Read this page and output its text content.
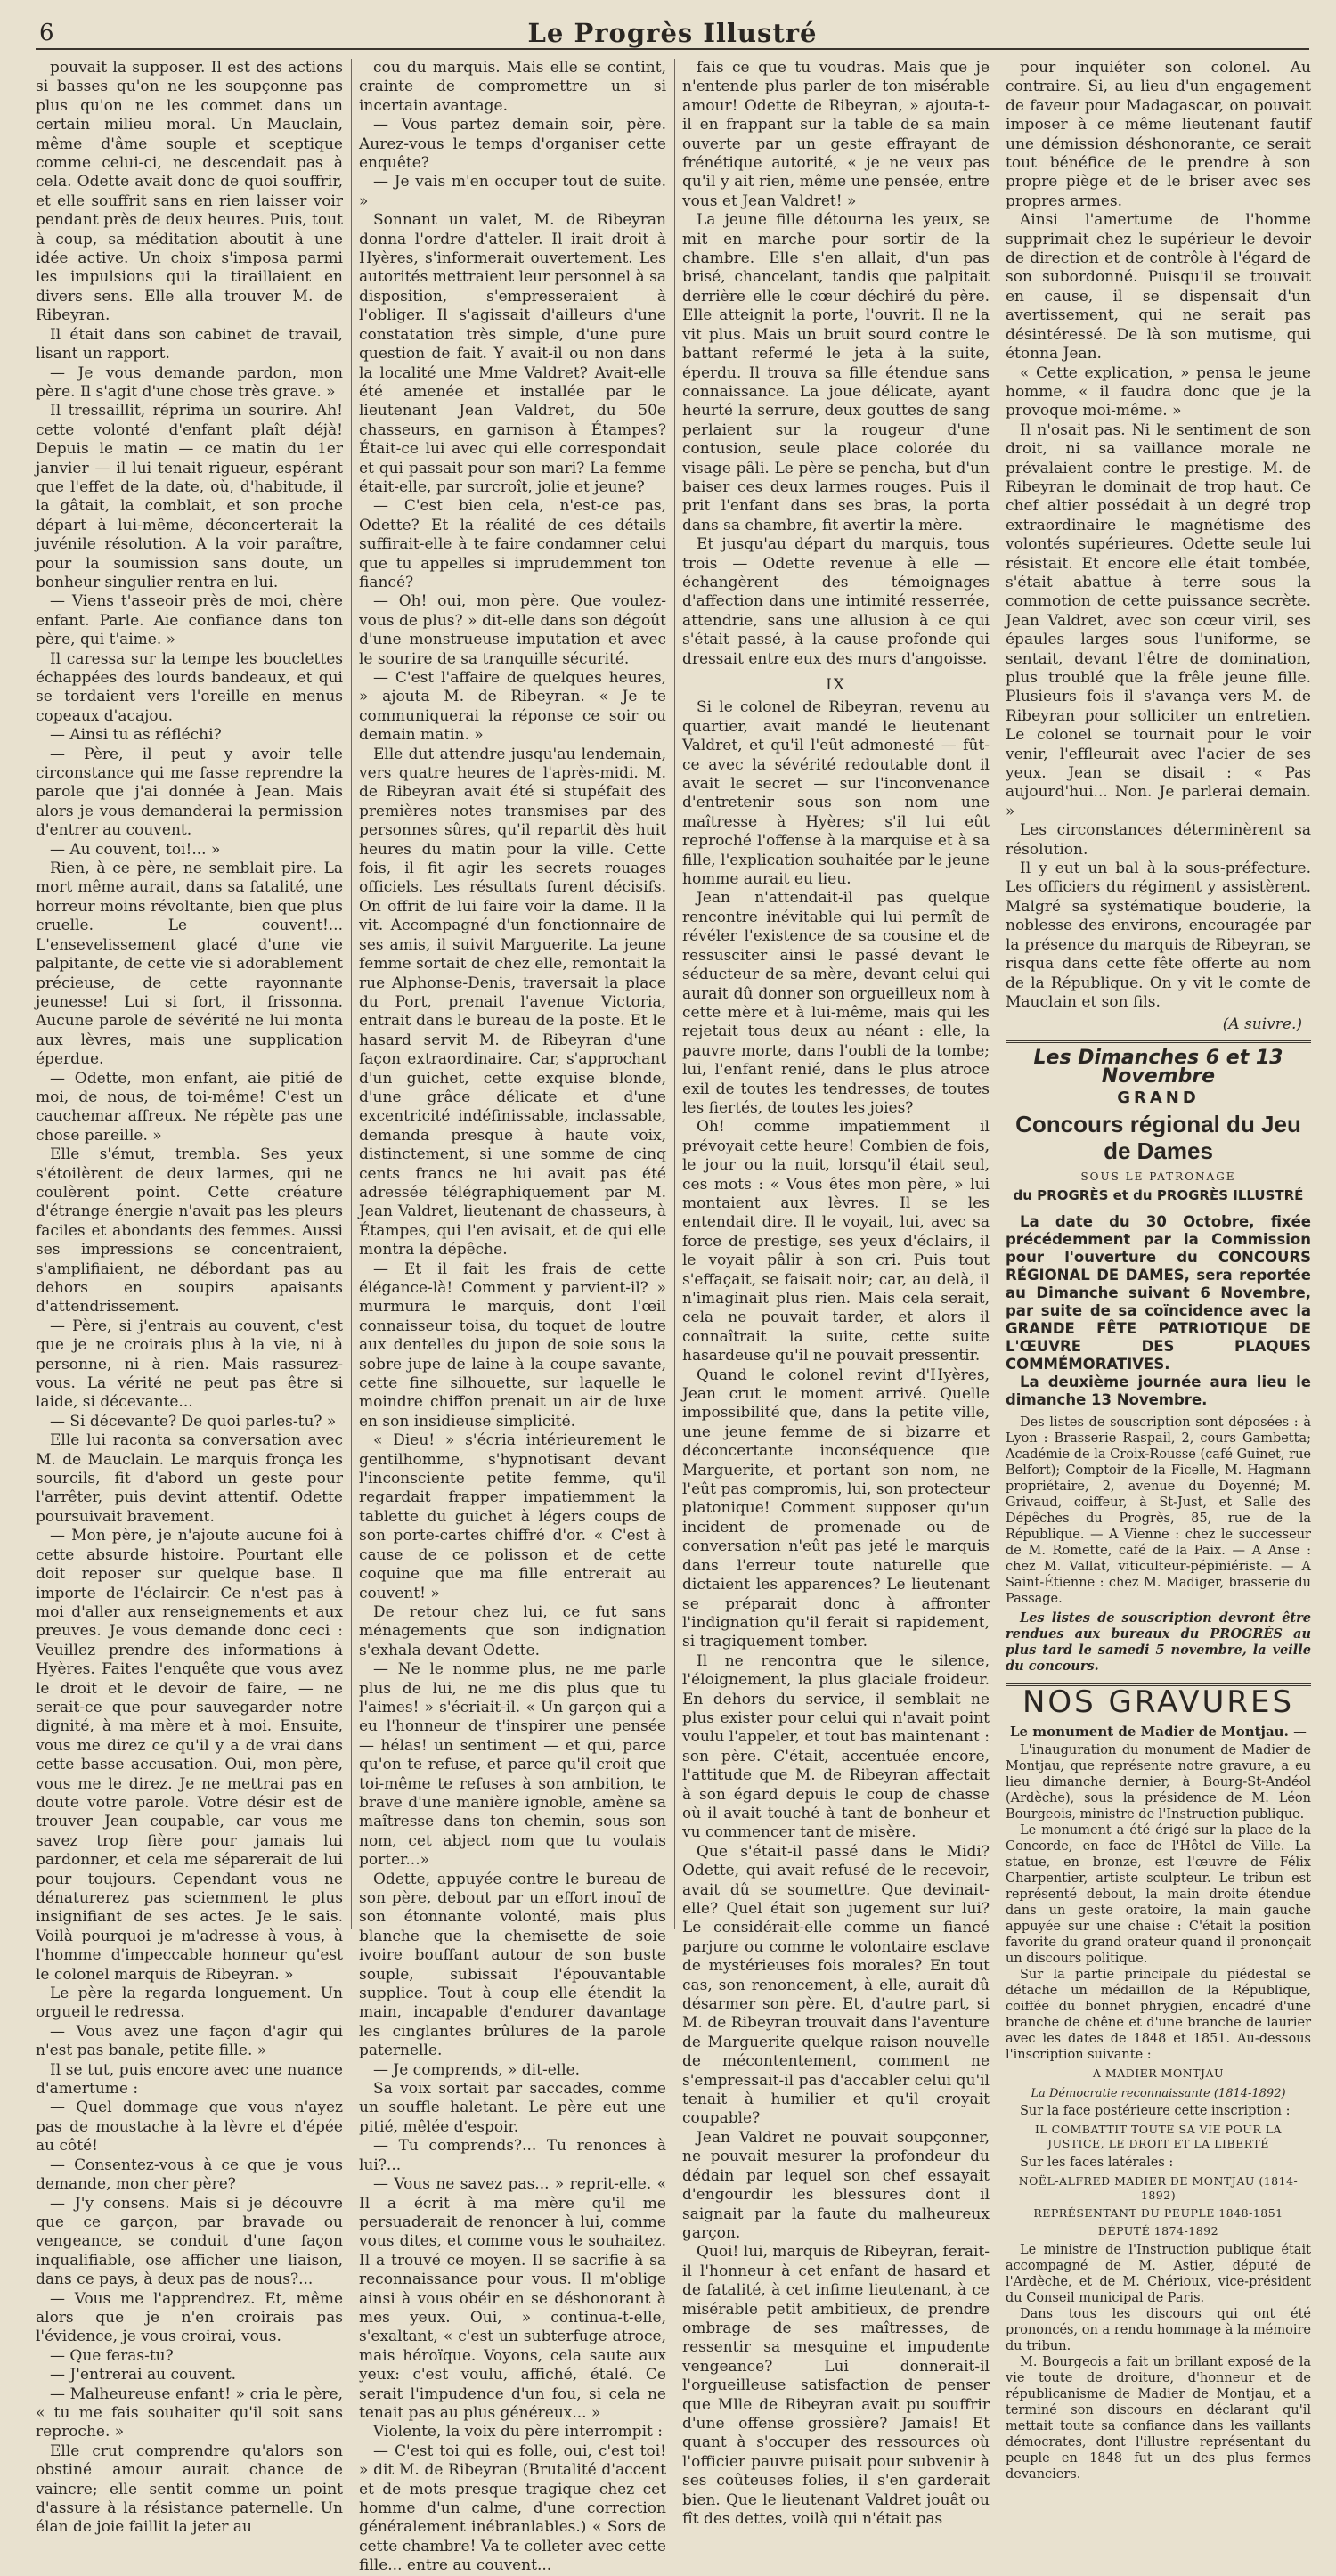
6	Le Progrès Illustré

pouvait la supposer. Il est des actions si basses qu'on ne les soupçonne pas plus qu'on ne les commet dans un certain milieu moral. Un Mauclain, même d'âme souple et sceptique comme celui-ci, ne descendait pas à cela. Odette avait donc de quoi souffrir, et elle souffrit sans en rien laisser voir pendant près de deux heures. Puis, tout à coup, sa méditation aboutit à une idée active. Un choix s'imposa parmi les impulsions qui la tiraillaient en divers sens. Elle alla trouver M. de Ribeyran.

Il était dans son cabinet de travail, lisant un rapport.

— Je vous demande pardon, mon père. Il s'agit d'une chose très grave. »

Il tressaillit, réprima un sourire. Ah! cette volonté d'enfant plaît déjà! Depuis le matin — ce matin du 1er janvier — il lui tenait rigueur, espérant que l'effet de la date, où, d'habitude, il la gâtait, la comblait, et son proche départ à lui-même, déconcerterait la juvénile résolution. A la voir paraître, pour la soumission sans doute, un bonheur singulier rentra en lui.

— Viens t'asseoir près de moi, chère enfant. Parle. Aie confiance dans ton père, qui t'aime. »

Il caressa sur la tempe les bouclettes échappées des lourds bandeaux, et qui se tordaient vers l'oreille en menus copeaux d'acajou.

— Ainsi tu as réfléchi?

— Père, il peut y avoir telle circonstance qui me fasse reprendre la parole que j'ai donnée à Jean. Mais alors je vous demanderai la permission d'entrer au couvent.

— Au couvent, toi!... »

Rien, à ce père, ne semblait pire. La mort même aurait, dans sa fatalité, une horreur moins révoltante, bien que plus cruelle. Le couvent!... L'ensevelissement glacé d'une vie palpitante, de cette vie si adorablement précieuse, de cette rayonnante jeunesse! Lui si fort, il frissonna. Aucune parole de sévérité ne lui monta aux lèvres, mais une supplication éperdue.

— Odette, mon enfant, aie pitié de moi, de nous, de toi-même! C'est un cauchemar affreux. Ne répète pas une chose pareille. »

Elle s'émut, trembla. Ses yeux s'étoilèrent de deux larmes, qui ne coulèrent point. Cette créature d'étrange énergie n'avait pas les pleurs faciles et abondants des femmes. Aussi ses impressions se concentraient, s'amplifiaient, ne débordant pas au dehors en soupirs apaisants d'attendrissement.

— Père, si j'entrais au couvent, c'est que je ne croirais plus à la vie, ni à personne, ni à rien. Mais rassurez-vous. La vérité ne peut pas être si laide, si décevante...

— Si décevante? De quoi parles-tu? »

Elle lui raconta sa conversation avec M. de Mauclain. Le marquis fronça les sourcils, fit d'abord un geste pour l'arrêter, puis devint attentif. Odette poursuivait bravement.

— Mon père, je n'ajoute aucune foi à cette absurde histoire. Pourtant elle doit reposer sur quelque base. Il importe de l'éclaircir. Ce n'est pas à moi d'aller aux renseignements et aux preuves. Je vous demande donc ceci : Veuillez prendre des informations à Hyères. Faites l'enquête que vous avez le droit et le devoir de faire, — ne serait-ce que pour sauvegarder notre dignité, à ma mère et à moi. Ensuite, vous me direz ce qu'il y a de vrai dans cette basse accusation. Oui, mon père, vous me le direz. Je ne mettrai pas en doute votre parole. Votre désir est de trouver Jean coupable, car vous me savez trop fière pour jamais lui pardonner, et cela me séparerait de lui pour toujours. Cependant vous ne dénaturerez pas sciemment le plus insignifiant de ses actes. Je le sais. Voilà pourquoi je m'adresse à vous, à l'homme d'impeccable honneur qu'est le colonel marquis de Ribeyran. »

Le père la regarda longuement. Un orgueil le redressa.

— Vous avez une façon d'agir qui n'est pas banale, petite fille. »

Il se tut, puis encore avec une nuance d'amertume :

— Quel dommage que vous n'ayez pas de moustache à la lèvre et d'épée au côté!

— Consentez-vous à ce que je vous demande, mon cher père?

— J'y consens. Mais si je découvre que ce garçon, par bravade ou vengeance, se conduit d'une façon inqualifiable, ose afficher une liaison, dans ce pays, à deux pas de nous?...

— Vous me l'apprendrez. Et, même alors que je n'en croirais pas l'évidence, je vous croirai, vous.

— Que feras-tu?

— J'entrerai au couvent.

— Malheureuse enfant! » cria le père, « tu me fais souhaiter qu'il soit sans reproche. »

Elle crut comprendre qu'alors son obstiné amour aurait chance de vaincre; elle sentit comme un point d'assure à la résistance paternelle. Un élan de joie faillit la jeter au

cou du marquis. Mais elle se contint, crainte de compromettre un si incertain avantage.

— Vous partez demain soir, père. Aurez-vous le temps d'organiser cette enquête?

— Je vais m'en occuper tout de suite. »

Sonnant un valet, M. de Ribeyran donna l'ordre d'atteler. Il irait droit à Hyères, s'informerait ouvertement. Les autorités mettraient leur personnel à sa disposition, s'empresseraient à l'obliger. Il s'agissait d'ailleurs d'une constatation très simple, d'une pure question de fait. Y avait-il ou non dans la localité une Mme Valdret? Avait-elle été amenée et installée par le lieutenant Jean Valdret, du 50e chasseurs, en garnison à Étampes? Était-ce lui avec qui elle correspondait et qui passait pour son mari? La femme était-elle, par surcroît, jolie et jeune?

— C'est bien cela, n'est-ce pas, Odette? Et la réalité de ces détails suffirait-elle à te faire condamner celui que tu appelles si imprudemment ton fiancé?

— Oh! oui, mon père. Que voulez-vous de plus? » dit-elle dans son dégoût d'une monstrueuse imputation et avec le sourire de sa tranquille sécurité.

— C'est l'affaire de quelques heures, » ajouta M. de Ribeyran. « Je te communiquerai la réponse ce soir ou demain matin. »

Elle dut attendre jusqu'au lendemain, vers quatre heures de l'après-midi. M. de Ribeyran avait été si stupéfait des premières notes transmises par des personnes sûres, qu'il repartit dès huit heures du matin pour la ville. Cette fois, il fit agir les secrets rouages officiels. Les résultats furent décisifs. On offrit de lui faire voir la dame. Il la vit. Accompagné d'un fonctionnaire de ses amis, il suivit Marguerite. La jeune femme sortait de chez elle, remontait la rue Alphonse-Denis, traversait la place du Port, prenait l'avenue Victoria, entrait dans le bureau de la poste. Et le hasard servit M. de Ribeyran d'une façon extraordinaire. Car, s'approchant d'un guichet, cette exquise blonde, d'une grâce délicate et d'une excentricité indéfinissable, inclassable, demanda presque à haute voix, distinctement, si une somme de cinq cents francs ne lui avait pas été adressée télégraphiquement par M. Jean Valdret, lieutenant de chasseurs, à Étampes, qui l'en avisait, et de qui elle montra la dépêche.

— Et il fait les frais de cette élégance-là! Comment y parvient-il? » murmura le marquis, dont l'œil connaisseur toisa, du toquet de loutre aux dentelles du jupon de soie sous la sobre jupe de laine à la coupe savante, cette fine silhouette, sur laquelle le moindre chiffon prenait un air de luxe en son insidieuse simplicité.

« Dieu! » s'écria intérieurement le gentilhomme, s'hypnotisant devant l'inconsciente petite femme, qu'il regardait frapper impatiemment la tablette du guichet à légers coups de son porte-cartes chiffré d'or. « C'est à cause de ce polisson et de cette coquine que ma fille entrerait au couvent! »

De retour chez lui, ce fut sans ménagements que son indignation s'exhala devant Odette.

— Ne le nomme plus, ne me parle plus de lui, ne me dis plus que tu l'aimes! » s'écriait-il. « Un garçon qui a eu l'honneur de t'inspirer une pensée — hélas! un sentiment — et qui, parce qu'on te refuse, et parce qu'il croit que toi-même te refuses à son ambition, te brave d'une manière ignoble, amène sa maîtresse dans ton chemin, sous son nom, cet abject nom que tu voulais porter...»

Odette, appuyée contre le bureau de son père, debout par un effort inouï de son étonnante volonté, mais plus blanche que la chemisette de soie ivoire bouffant autour de son buste souple, subissait l'épouvantable supplice. Tout à coup elle étendit la main, incapable d'endurer davantage les cinglantes brûlures de la parole paternelle.

— Je comprends, » dit-elle.

Sa voix sortait par saccades, comme un souffle haletant. Le père eut une pitié, mêlée d'espoir.

— Tu comprends?... Tu renonces à lui?...

— Vous ne savez pas... » reprit-elle. « Il a écrit à ma mère qu'il me persuaderait de renoncer à lui, comme vous dites, et comme vous le souhaitez. Il a trouvé ce moyen. Il se sacrifie à sa reconnaissance pour vous. Il m'oblige ainsi à vous obéir en se déshonorant à mes yeux. Oui, » continua-t-elle, s'exaltant, « c'est un subterfuge atroce, mais héroïque. Voyons, cela saute aux yeux: c'est voulu, affiché, étalé. Ce serait l'impudence d'un fou, si cela ne tenait pas au plus généreux... »

Violente, la voix du père interrompit :

— C'est toi qui es folle, oui, c'est toi! » dit M. de Ribeyran (Brutalité d'accent et de mots presque tragique chez cet homme d'un calme, d'une correction généralement inébranlables.) « Sors de cette chambre! Va te colleter avec cette fille... entre au couvent...

fais ce que tu voudras. Mais que je n'entende plus parler de ton misérable amour! Odette de Ribeyran, » ajouta-t-il en frappant sur la table de sa main ouverte par un geste effrayant de frénétique autorité, « je ne veux pas qu'il y ait rien, même une pensée, entre vous et Jean Valdret! »

La jeune fille détourna les yeux, se mit en marche pour sortir de la chambre. Elle s'en allait, d'un pas brisé, chancelant, tandis que palpitait derrière elle le cœur déchiré du père. Elle atteignit la porte, l'ouvrit. Il ne la vit plus. Mais un bruit sourd contre le battant refermé le jeta à la suite, éperdu. Il trouva sa fille étendue sans connaissance. La joue délicate, ayant heurté la serrure, deux gouttes de sang perlaient sur la rougeur d'une contusion, seule place colorée du visage pâli. Le père se pencha, but d'un baiser ces deux larmes rouges. Puis il prit l'enfant dans ses bras, la porta dans sa chambre, fit avertir la mère.

Et jusqu'au départ du marquis, tous trois — Odette revenue à elle — échangèrent des témoignages d'affection dans une intimité resserrée, attendrie, sans une allusion à ce qui s'était passé, à la cause profonde qui dressait entre eux des murs d'angoisse.

IX

Si le colonel de Ribeyran, revenu au quartier, avait mandé le lieutenant Valdret, et qu'il l'eût admonesté — fût-ce avec la sévérité redoutable dont il avait le secret — sur l'inconvenance d'entretenir sous son nom une maîtresse à Hyères; s'il lui eût reproché l'offense à la marquise et à sa fille, l'explication souhaitée par le jeune homme aurait eu lieu.

Jean n'attendait-il pas quelque rencontre inévitable qui lui permît de révéler l'existence de sa cousine et de ressusciter ainsi le passé devant le séducteur de sa mère, devant celui qui aurait dû donner son orgueilleux nom à cette mère et à lui-même, mais qui les rejetait tous deux au néant : elle, la pauvre morte, dans l'oubli de la tombe; lui, l'enfant renié, dans le plus atroce exil de toutes les tendresses, de toutes les fiertés, de toutes les joies?

Oh! comme impatiemment il prévoyait cette heure! Combien de fois, le jour ou la nuit, lorsqu'il était seul, ces mots : « Vous êtes mon père, » lui montaient aux lèvres. Il se les entendait dire. Il le voyait, lui, avec sa force de prestige, ses yeux d'éclairs, il le voyait pâlir à son cri. Puis tout s'effaçait, se faisait noir; car, au delà, il n'imaginait plus rien. Mais cela serait, cela ne pouvait tarder, et alors il connaîtrait la suite, cette suite hasardeuse qu'il ne pouvait pressentir.

Quand le colonel revint d'Hyères, Jean crut le moment arrivé. Quelle impossibilité que, dans la petite ville, une jeune femme de si bizarre et déconcertante inconséquence que Marguerite, et portant son nom, ne l'eût pas compromis, lui, son protecteur platonique! Comment supposer qu'un incident de promenade ou de conversation n'eût pas jeté le marquis dans l'erreur toute naturelle que dictaient les apparences? Le lieutenant se préparait donc à affronter l'indignation qu'il ferait si rapidement, si tragiquement tomber.

Il ne rencontra que le silence, l'éloignement, la plus glaciale froideur. En dehors du service, il semblait ne plus exister pour celui qui n'avait point voulu l'appeler, et tout bas maintenant : son père. C'était, accentuée encore, l'attitude que M. de Ribeyran affectait à son égard depuis le coup de chasse où il avait touché à tant de bonheur et vu commencer tant de misère.

Que s'était-il passé dans le Midi? Odette, qui avait refusé de le recevoir, avait dû se soumettre. Que devinait-elle? Quel était son jugement sur lui? Le considérait-elle comme un fiancé parjure ou comme le volontaire esclave de mystérieuses fois morales? En tout cas, son renoncement, à elle, aurait dû désarmer son père. Et, d'autre part, si M. de Ribeyran trouvait dans l'aventure de Marguerite quelque raison nouvelle de mécontentement, comment ne s'empressait-il pas d'accabler celui qu'il tenait à humilier et qu'il croyait coupable?

Jean Valdret ne pouvait soupçonner, ne pouvait mesurer la profondeur du dédain par lequel son chef essayait d'engourdir les blessures dont il saignait par la faute du malheureux garçon.

Quoi! lui, marquis de Ribeyran, ferait-il l'honneur à cet enfant de hasard et de fatalité, à cet infime lieutenant, à ce misérable petit ambitieux, de prendre ombrage de ses maîtresses, de ressentir sa mesquine et impudente vengeance? Lui donnerait-il l'orgueilleuse satisfaction de penser que Mlle de Ribeyran avait pu souffrir d'une offense grossière? Jamais! Et quant à s'occuper des ressources où l'officier pauvre puisait pour subvenir à ses coûteuses folies, il s'en garderait bien. Que le lieutenant Valdret jouât ou fît des dettes, voilà qui n'était pas

pour inquiéter son colonel. Au contraire. Si, au lieu d'un engagement de faveur pour Madagascar, on pouvait imposer à ce même lieutenant fautif une démission déshonorante, ce serait tout bénéfice de le prendre à son propre piège et de le briser avec ses propres armes.

Ainsi l'amertume de l'homme supprimait chez le supérieur le devoir de direction et de contrôle à l'égard de son subordonné. Puisqu'il se trouvait en cause, il se dispensait d'un avertissement, qui ne serait pas désintéressé. De là son mutisme, qui étonna Jean.

« Cette explication, » pensa le jeune homme, « il faudra donc que je la provoque moi-même. »

Il n'osait pas. Ni le sentiment de son droit, ni sa vaillance morale ne prévalaient contre le prestige. M. de Ribeyran le dominait de trop haut. Ce chef altier possédait à un degré trop extraordinaire le magnétisme des volontés supérieures. Odette seule lui résistait. Et encore elle était tombée, s'était abattue à terre sous la commotion de cette puissance secrète. Jean Valdret, avec son cœur viril, ses épaules larges sous l'uniforme, se sentait, devant l'être de domination, plus troublé que la frêle jeune fille. Plusieurs fois il s'avança vers M. de Ribeyran pour solliciter un entretien. Le colonel se tournait pour le voir venir, l'effleurait avec l'acier de ses yeux. Jean se disait : « Pas aujourd'hui... Non. Je parlerai demain. »

Les circonstances déterminèrent sa résolution.

Il y eut un bal à la sous-préfecture. Les officiers du régiment y assistèrent. Malgré sa systématique bouderie, la noblesse des environs, encouragée par la présence du marquis de Ribeyran, se risqua dans cette fête offerte au nom de la République. On y vit le comte de Mauclain et son fils.

(A suivre.)

Les Dimanches 6 et 13 Novembre
GRAND
Concours régional du Jeu de Dames
SOUS LE PATRONAGE
du PROGRÈS et du PROGRÈS ILLUSTRÉ

La date du 30 Octobre, fixée précédemment par la Commission pour l'ouverture du CONCOURS RÉGIONAL DE DAMES, sera reportée au Dimanche suivant 6 Novembre, par suite de sa coïncidence avec la GRANDE FÊTE PATRIOTIQUE DE L'ŒUVRE DES PLAQUES COMMÉMORATIVES.

La deuxième journée aura lieu le dimanche 13 Novembre.

Des listes de souscription sont déposées : à Lyon : Brasserie Raspail, 2, cours Gambetta; Académie de la Croix-Rousse (café Guinet, rue Belfort); Comptoir de la Ficelle, M. Hagmann propriétaire, 2, avenue du Doyenné; M. Grivaud, coiffeur, à St-Just, et Salle des Dépêches du Progrès, 85, rue de la République. — A Vienne : chez le successeur de M. Romette, café de la Paix. — A Anse : chez M. Vallat, viticulteur-pépiniériste. — A Saint-Étienne : chez M. Madiger, brasserie du Passage.

Les listes de souscription devront être rendues aux bureaux du PROGRÈS au plus tard le samedi 5 novembre, la veille du concours.

NOS GRAVURES
Le monument de Madier de Montjau. —

L'inauguration du monument de Madier de Montjau, que représente notre gravure, a eu lieu dimanche dernier, à Bourg-St-Andéol (Ardèche), sous la présidence de M. Léon Bourgeois, ministre de l'Instruction publique.

Le monument a été érigé sur la place de la Concorde, en face de l'Hôtel de Ville. La statue, en bronze, est l'œuvre de Félix Charpentier, artiste sculpteur. Le tribun est représenté debout, la main droite étendue dans un geste oratoire, la main gauche appuyée sur une chaise : C'était la position favorite du grand orateur quand il prononçait un discours politique.

Sur la partie principale du piédestal se détache un médaillon de la République, coiffée du bonnet phrygien, encadré d'une branche de chêne et d'une branche de laurier avec les dates de 1848 et 1851. Au-dessous l'inscription suivante :

A MADIER MONTJAU

La Démocratie reconnaissante (1814-1892)

Sur la face postérieure cette inscription :

IL COMBATTIT TOUTE SA VIE POUR LA JUSTICE, LE DROIT ET LA LIBERTÉ

Sur les faces latérales :

NOËL-ALFRED MADIER DE MONTJAU (1814-1892)

REPRÉSENTANT DU PEUPLE 1848-1851

DÉPUTÉ 1874-1892

Le ministre de l'Instruction publique était accompagné de M. Astier, député de l'Ardèche, et de M. Chérioux, vice-président du Conseil municipal de Paris.

Dans tous les discours qui ont été prononcés, on a rendu hommage à la mémoire du tribun.

M. Bourgeois a fait un brillant exposé de la vie toute de droiture, d'honneur et de républicanisme de Madier de Montjau, et a terminé son discours en déclarant qu'il mettait toute sa confiance dans les vaillants démocrates, dont l'illustre représentant du peuple en 1848 fut un des plus fermes devanciers.
